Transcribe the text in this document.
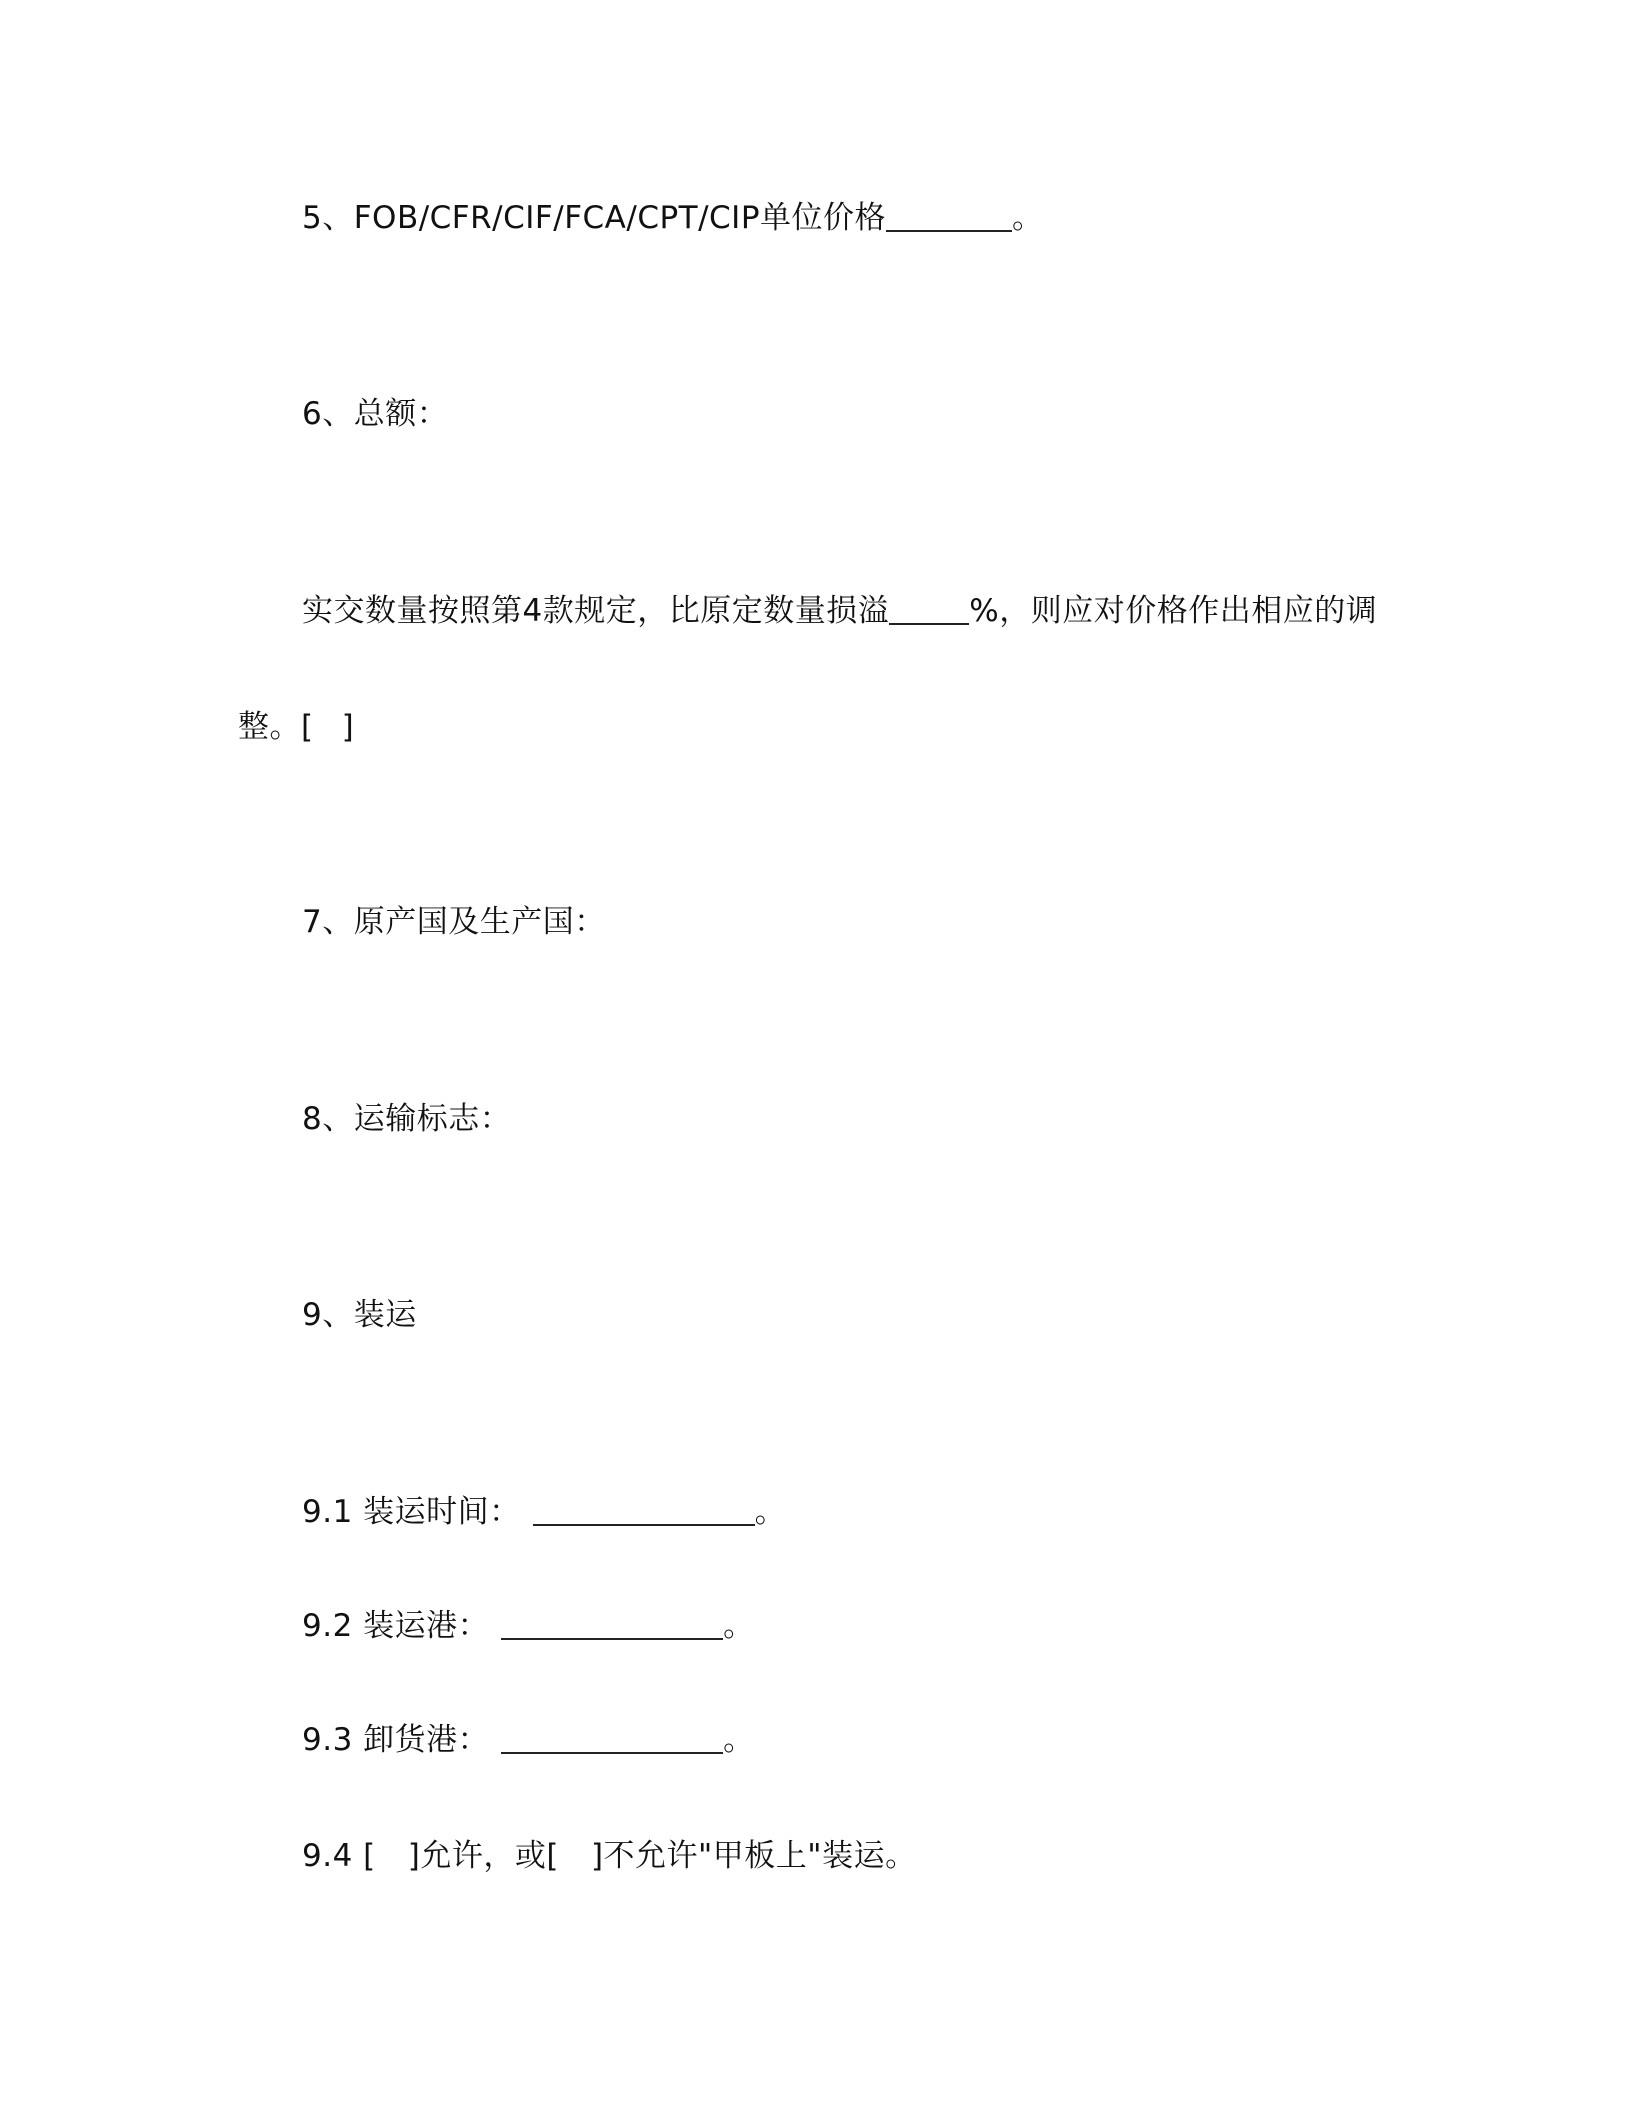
5、FOB/CFR/CIF/FCA/CPT/CIP单位价格	。
6、总额：
实交数量按照第4款规定，比原定数量损溢	%，则应对价格作出相应的调
整。[ ]
7、原产国及生产国：
8、运输标志：
9、装运
9.1 装运时间：	。
9.2 装运港：	。
9.3 卸货港：	。
9.4 [ ]允许，或[ ]不允许"甲板上"装运。
